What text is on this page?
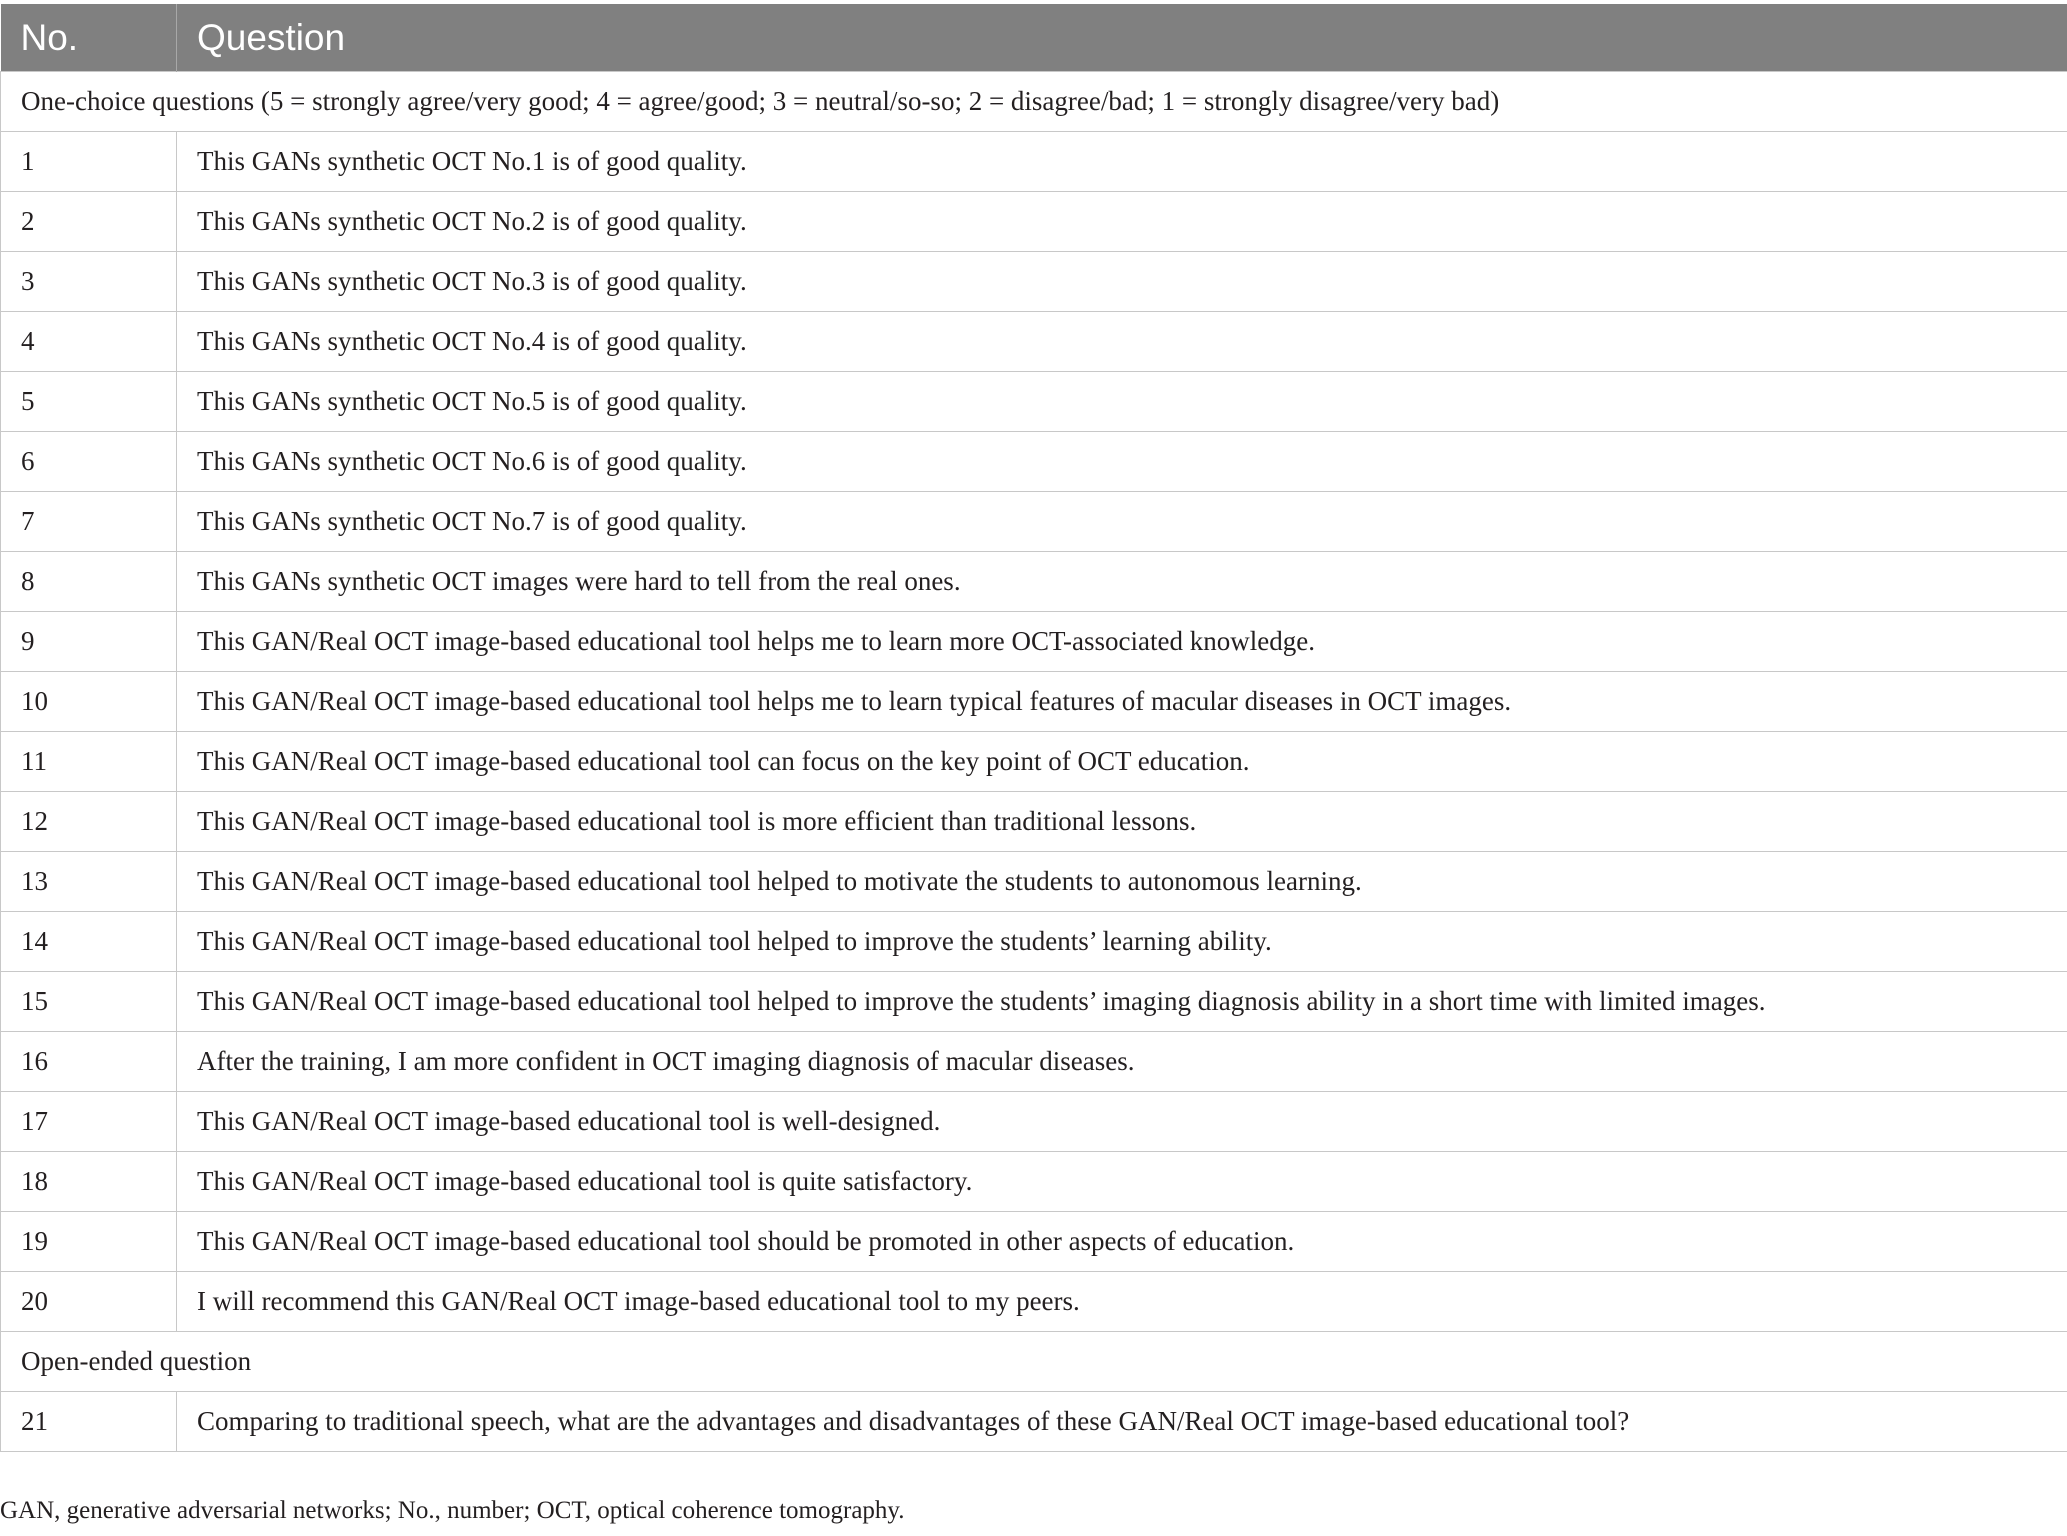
No.	Question
One-choice questions (5 = strongly agree/very good; 4 = agree/good; 3 = neutral/so-so; 2 = disagree/bad; 1 = strongly disagree/very bad)	
1	This GANs synthetic OCT No.1 is of good quality.
2	This GANs synthetic OCT No.2 is of good quality.
3	This GANs synthetic OCT No.3 is of good quality.
4	This GANs synthetic OCT No.4 is of good quality.
5	This GANs synthetic OCT No.5 is of good quality.
6	This GANs synthetic OCT No.6 is of good quality.
7	This GANs synthetic OCT No.7 is of good quality.
8	This GANs synthetic OCT images were hard to tell from the real ones.
9	This GAN/Real OCT image-based educational tool helps me to learn more OCT-associated knowledge.
10	This GAN/Real OCT image-based educational tool helps me to learn typical features of macular diseases in OCT images.
11	This GAN/Real OCT image-based educational tool can focus on the key point of OCT education.
12	This GAN/Real OCT image-based educational tool is more efficient than traditional lessons.
13	This GAN/Real OCT image-based educational tool helped to motivate the students to autonomous learning.
14	This GAN/Real OCT image-based educational tool helped to improve the students’ learning ability.
15	This GAN/Real OCT image-based educational tool helped to improve the students’ imaging diagnosis ability in a short time with limited images.
16	After the training, I am more confident in OCT imaging diagnosis of macular diseases.
17	This GAN/Real OCT image-based educational tool is well-designed.
18	This GAN/Real OCT image-based educational tool is quite satisfactory.
19	This GAN/Real OCT image-based educational tool should be promoted in other aspects of education.
20	I will recommend this GAN/Real OCT image-based educational tool to my peers.
Open-ended question	
21	Comparing to traditional speech, what are the advantages and disadvantages of these GAN/Real OCT image-based educational tool?
GAN, generative adversarial networks; No., number; OCT, optical coherence tomography.
